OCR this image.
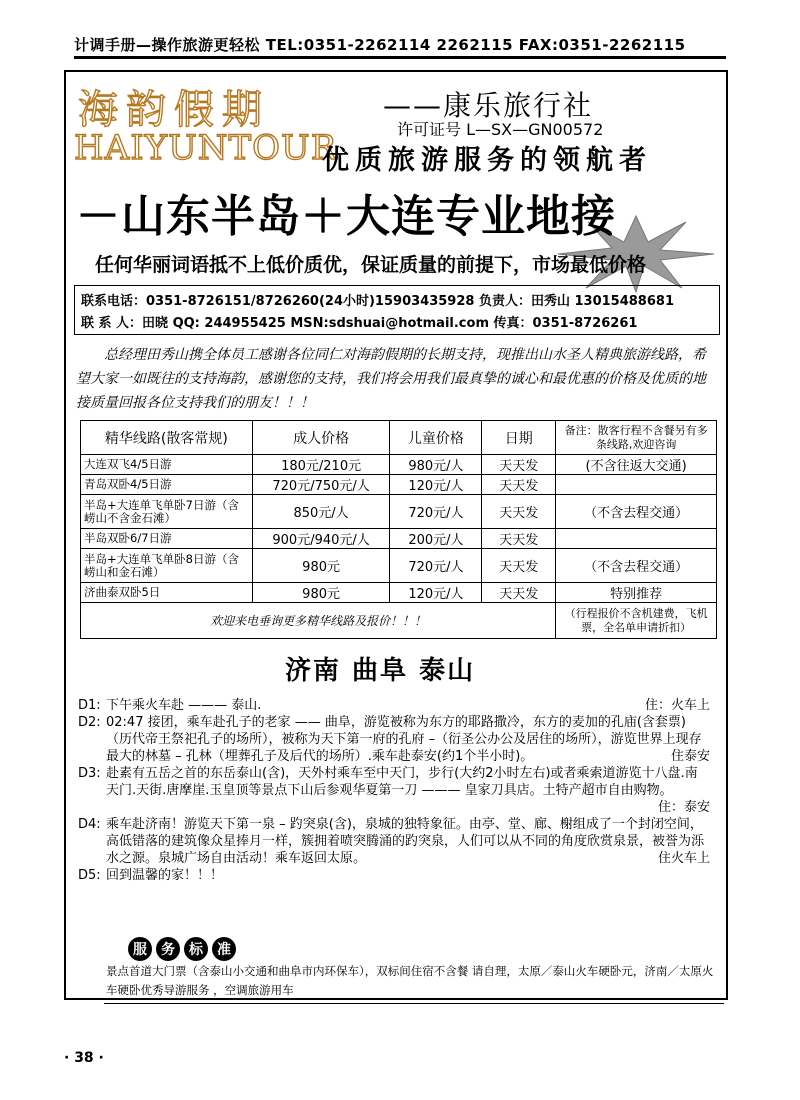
计调手册—操作旅游更轻松 TEL:0351-2262114 2262115 FAX:0351-2262115
海韵假期
HAIYUNTOUR
——康乐旅行社
许可证号 L—SX—GN00572
优质旅游服务的领航者
－山东半岛＋大连专业地接
任何华丽词语抵不上低价质优，保证质量的前提下，市场最低价格
联系电话：0351-8726151/8726260(24小时)15903435928 负责人：田秀山 13015488681
联 系 人：田晓 QQ: 244955425 MSN:sdshuai@hotmail.com 传真：0351-8726261
总经理田秀山携全体员工感谢各位同仁对海韵假期的长期支持，现推出山水圣人精典旅游线路，希望大家一如既往的支持海韵，感谢您的支持，我们将会用我们最真挚的诚心和最优惠的价格及优质的地接质量回报各位支持我们的朋友！！！
精华线路(散客常规)	成人价格	儿童价格	日期	备注：散客行程不含餐另有多条线路,欢迎咨询
大连双飞4/5日游	180元/210元	980元/人	天天发	(不含往返大交通)
青岛双卧4/5日游	720元/750元/人	120元/人	天天发	
半岛+大连单飞单卧7日游（含崂山不含金石滩）	850元/人	720元/人	天天发	（不含去程交通）
半岛双卧6/7日游	900元/940元/人	200元/人	天天发	
半岛+大连单飞单卧8日游（含崂山和金石滩）	980元	720元/人	天天发	（不含去程交通）
济曲泰双卧5日	980元	120元/人	天天发	特别推荐
欢迎来电垂询更多精华线路及报价！！！				（行程报价不含机建费，飞机票，全名单申请折扣）
济南 曲阜 泰山
D1: 下午乘火车赴 ——— 泰山.	住：火车上
D2: 02:47 接团，乘车赴孔子的老家 —— 曲阜，游览被称为东方的耶路撒冷，东方的麦加的孔庙(含套票)（历代帝王祭祀孔子的场所），被称为天下第一府的孔府 –（衍圣公办公及居住的场所），游览世界上现存最大的林墓 – 孔林（埋葬孔子及后代的场所）.乘车赴泰安(约1个半小时)。	住泰安
D3: 赴素有五岳之首的东岳泰山(含)，天外村乘车至中天门，步行(大约2小时左右)或者乘索道游览十八盘.南天门.天街.唐摩崖.玉皇顶等景点下山后参观华夏第一刀 ——— 皇家刀具店。土特产超市自由购物。
住：泰安
D4: 乘车赴济南！游览天下第一泉 – 趵突泉(含)，泉城的独特象征。由亭、堂、廊、榭组成了一个封闭空间，高低错落的建筑像众星捧月一样，簇拥着喷突腾涌的趵突泉，人们可以从不同的角度欣赏泉景，被誉为泺水之源。泉城广场自由活动！乘车返回太原。	住火车上
D5: 回到温馨的家！！！
服	务	标	准
景点首道大门票（含泰山小交通和曲阜市内环保车），双标间住宿不含餐 请自理，太原／泰山火车硬卧元，济南／太原火车硬卧优秀导游服务 ，空调旅游用车
· 38 ·
